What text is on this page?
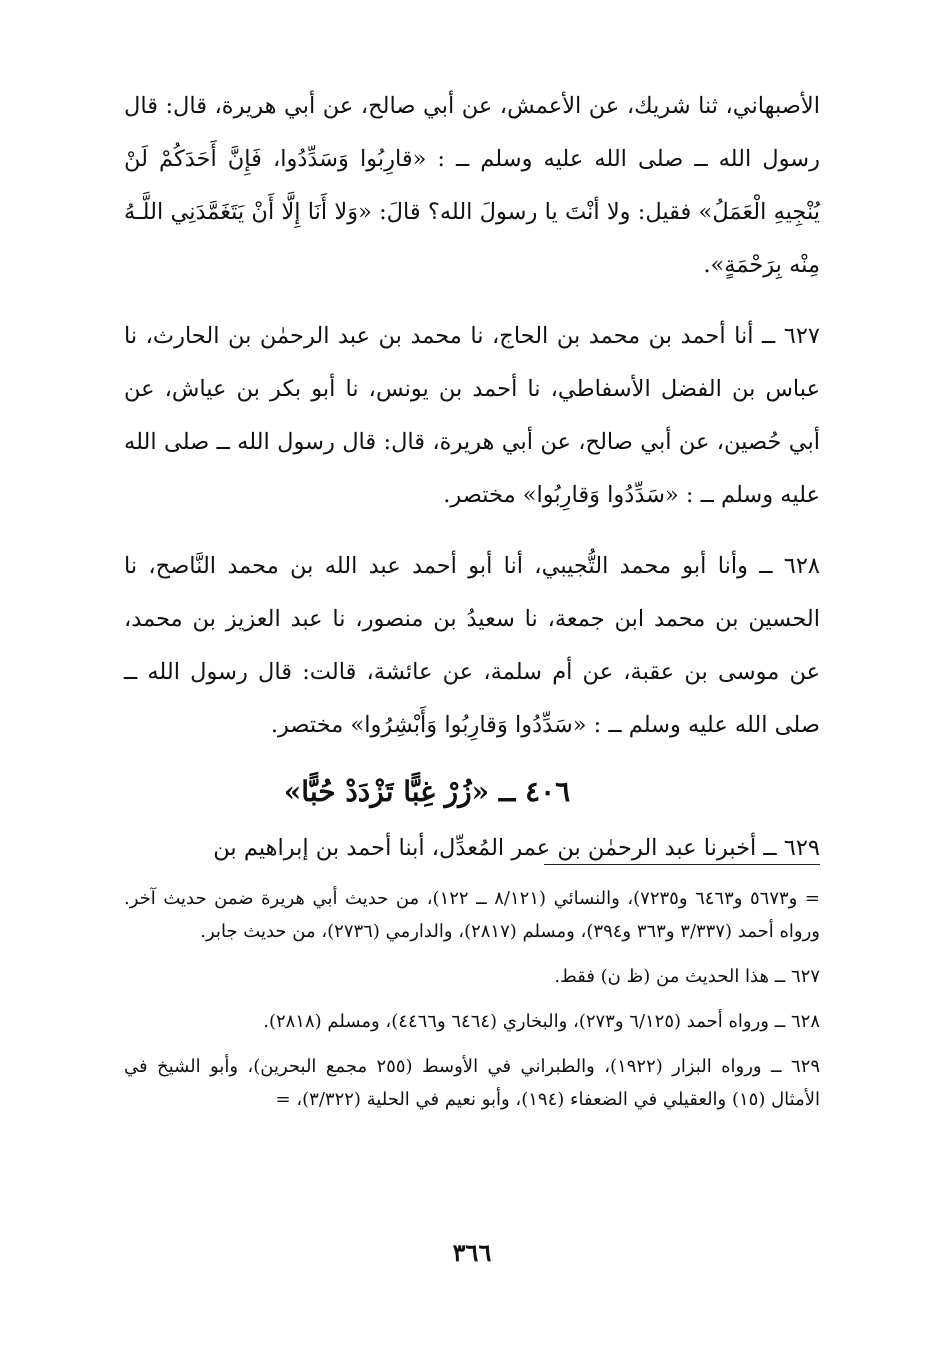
الأصبهاني، ثنا شريك، عن الأعمش، عن أبي صالح، عن أبي هريرة، قال: قال رسول الله ــ صلى الله عليه وسلم ــ : «قارِبُوا وَسَدِّدُوا، فَإِنَّ أَحَدَكُمْ لَنْ يُنْجِيهِ الْعَمَلُ» فقيل: ولا أنْتَ يا رسولَ الله؟ قالَ: «وَلا أَنَا إِلَّا أَنْ يَتَغَمَّدَنِي اللَّـهُ مِنْه بِرَحْمَةٍ».

٦٢٧ ــ أنا أحمد بن محمد بن الحاج، نا محمد بن عبد الرحمٰن بن الحارث، نا عباس بن الفضل الأسفاطي، نا أحمد بن يونس، نا أبو بكر بن عياش، عن أبي حُصين، عن أبي صالح، عن أبي هريرة، قال: قال رسول الله ــ صلى الله عليه وسلم ــ : «سَدِّدُوا وَقارِبُوا» مختصر.

٦٢٨ ــ وأنا أبو محمد التُّجيبي، أنا أبو أحمد عبد الله بن محمد النَّاصح، نا الحسين بن محمد ابن جمعة، نا سعيدُ بن منصور، نا عبد العزيز بن محمد، عن موسى بن عقبة، عن أم سلمة، عن عائشة، قالت: قال رسول الله ــ صلى الله عليه وسلم ــ : «سَدِّدُوا وَقارِبُوا وَأَبْشِرُوا» مختصر.

٤٠٦ ــ «زُرْ غِبًّا تَزْدَدْ حُبًّا»

٦٢٩ ــ أخبرنا عبد الرحمٰن بن عمر المُعدِّل، أبنا أحمد بن إبراهيم بن

= و٥٦٧٣ و٦٤٦٣ و٧٢٣٥)، والنسائي (٨/١٢١ ــ ١٢٢)، من حديث أبي هريرة ضمن حديث آخر. ورواه أحمد (٣/٣٣٧ و٣٦٣ و٣٩٤)، ومسلم (٢٨١٧)، والدارمي (٢٧٣٦)، من حديث جابر.

٦٢٧ ــ هذا الحديث من (ظ ن) فقط.

٦٢٨ ــ ورواه أحمد (٦/١٢٥ و٢٧٣)، والبخاري (٦٤٦٤ و٤٤٦٦)، ومسلم (٢٨١٨).

٦٢٩ ــ ورواه البزار (١٩٢٢)، والطبراني في الأوسط (٢٥٥ مجمع البحرين)، وأبو الشيخ في الأمثال (١٥) والعقيلي في الضعفاء (١٩٤)، وأبو نعيم في الحلية (٣/٣٢٢)، =

٣٦٦
